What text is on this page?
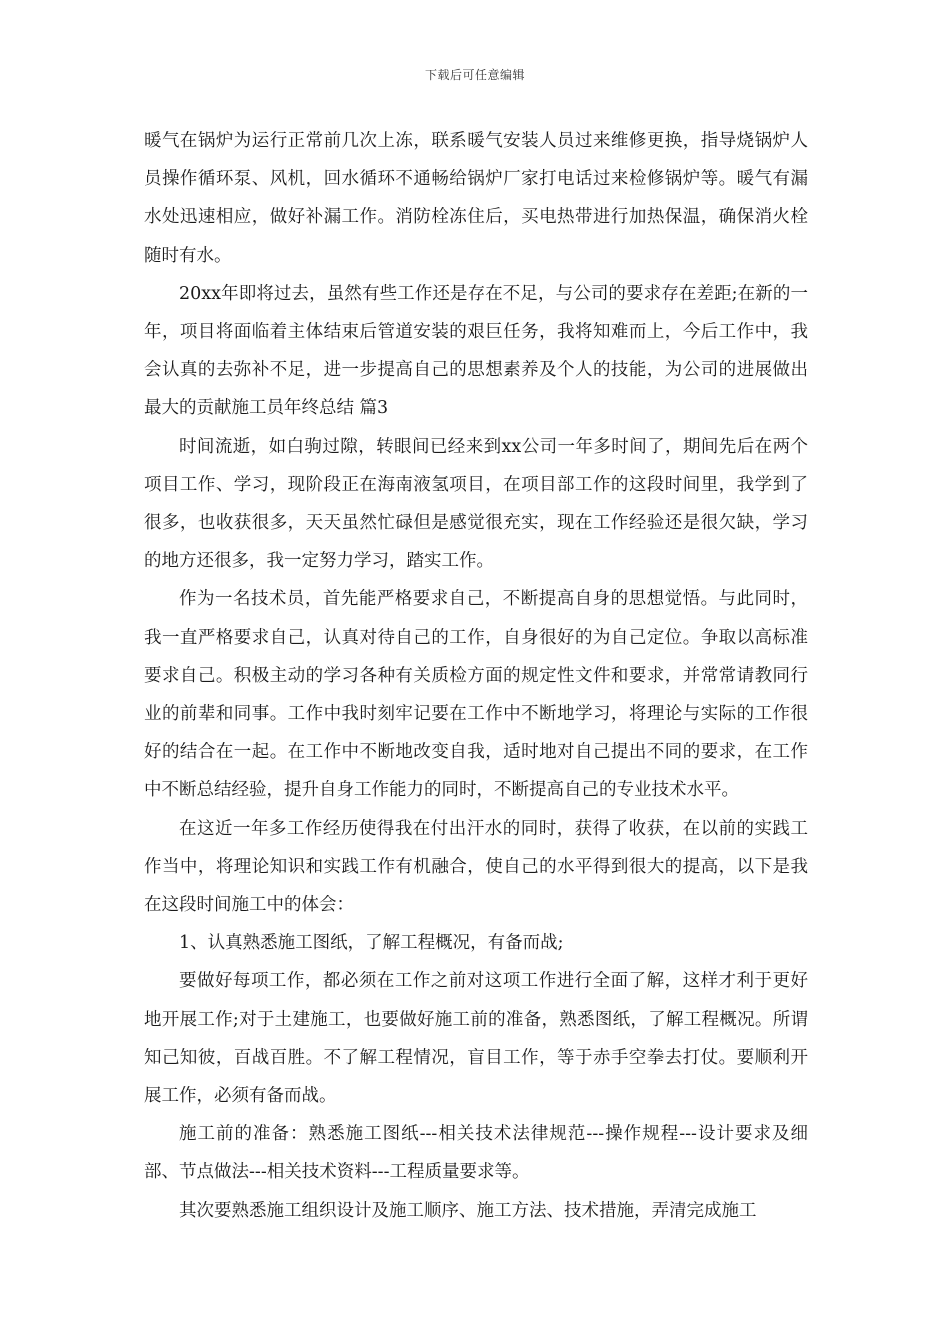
下载后可任意编辑

暖气在锅炉为运行正常前几次上冻，联系暖气安装人员过来维修更换，指导烧锅炉人员操作循环泵、风机，回水循环不通畅给锅炉厂家打电话过来检修锅炉等。暖气有漏水处迅速相应，做好补漏工作。消防栓冻住后，买电热带进行加热保温，确保消火栓随时有水。

20xx年即将过去，虽然有些工作还是存在不足，与公司的要求存在差距;在新的一年，项目将面临着主体结束后管道安装的艰巨任务，我将知难而上，今后工作中，我会认真的去弥补不足，进一步提高自己的思想素养及个人的技能，为公司的进展做出最大的贡献施工员年终总结 篇3

时间流逝，如白驹过隙，转眼间已经来到xx公司一年多时间了，期间先后在两个项目工作、学习，现阶段正在海南液氢项目，在项目部工作的这段时间里，我学到了很多，也收获很多，天天虽然忙碌但是感觉很充实，现在工作经验还是很欠缺，学习的地方还很多，我一定努力学习，踏实工作。

作为一名技术员，首先能严格要求自己，不断提高自身的思想觉悟。与此同时，我一直严格要求自己，认真对待自己的工作，自身很好的为自己定位。争取以高标准要求自己。积极主动的学习各种有关质检方面的规定性文件和要求，并常常请教同行业的前辈和同事。工作中我时刻牢记要在工作中不断地学习，将理论与实际的工作很好的结合在一起。在工作中不断地改变自我，适时地对自己提出不同的要求，在工作中不断总结经验，提升自身工作能力的同时，不断提高自己的专业技术水平。

在这近一年多工作经历使得我在付出汗水的同时，获得了收获，在以前的实践工作当中，将理论知识和实践工作有机融合，使自己的水平得到很大的提高，以下是我在这段时间施工中的体会：

1、认真熟悉施工图纸，了解工程概况，有备而战;

要做好每项工作，都必须在工作之前对这项工作进行全面了解，这样才利于更好地开展工作;对于土建施工，也要做好施工前的准备，熟悉图纸，了解工程概况。所谓知己知彼，百战百胜。不了解工程情况，盲目工作，等于赤手空拳去打仗。要顺利开展工作，必须有备而战。

施工前的准备：熟悉施工图纸---相关技术法律规范---操作规程---设计要求及细部、节点做法---相关技术资料---工程质量要求等。

其次要熟悉施工组织设计及施工顺序、施工方法、技术措施，弄清完成施工
